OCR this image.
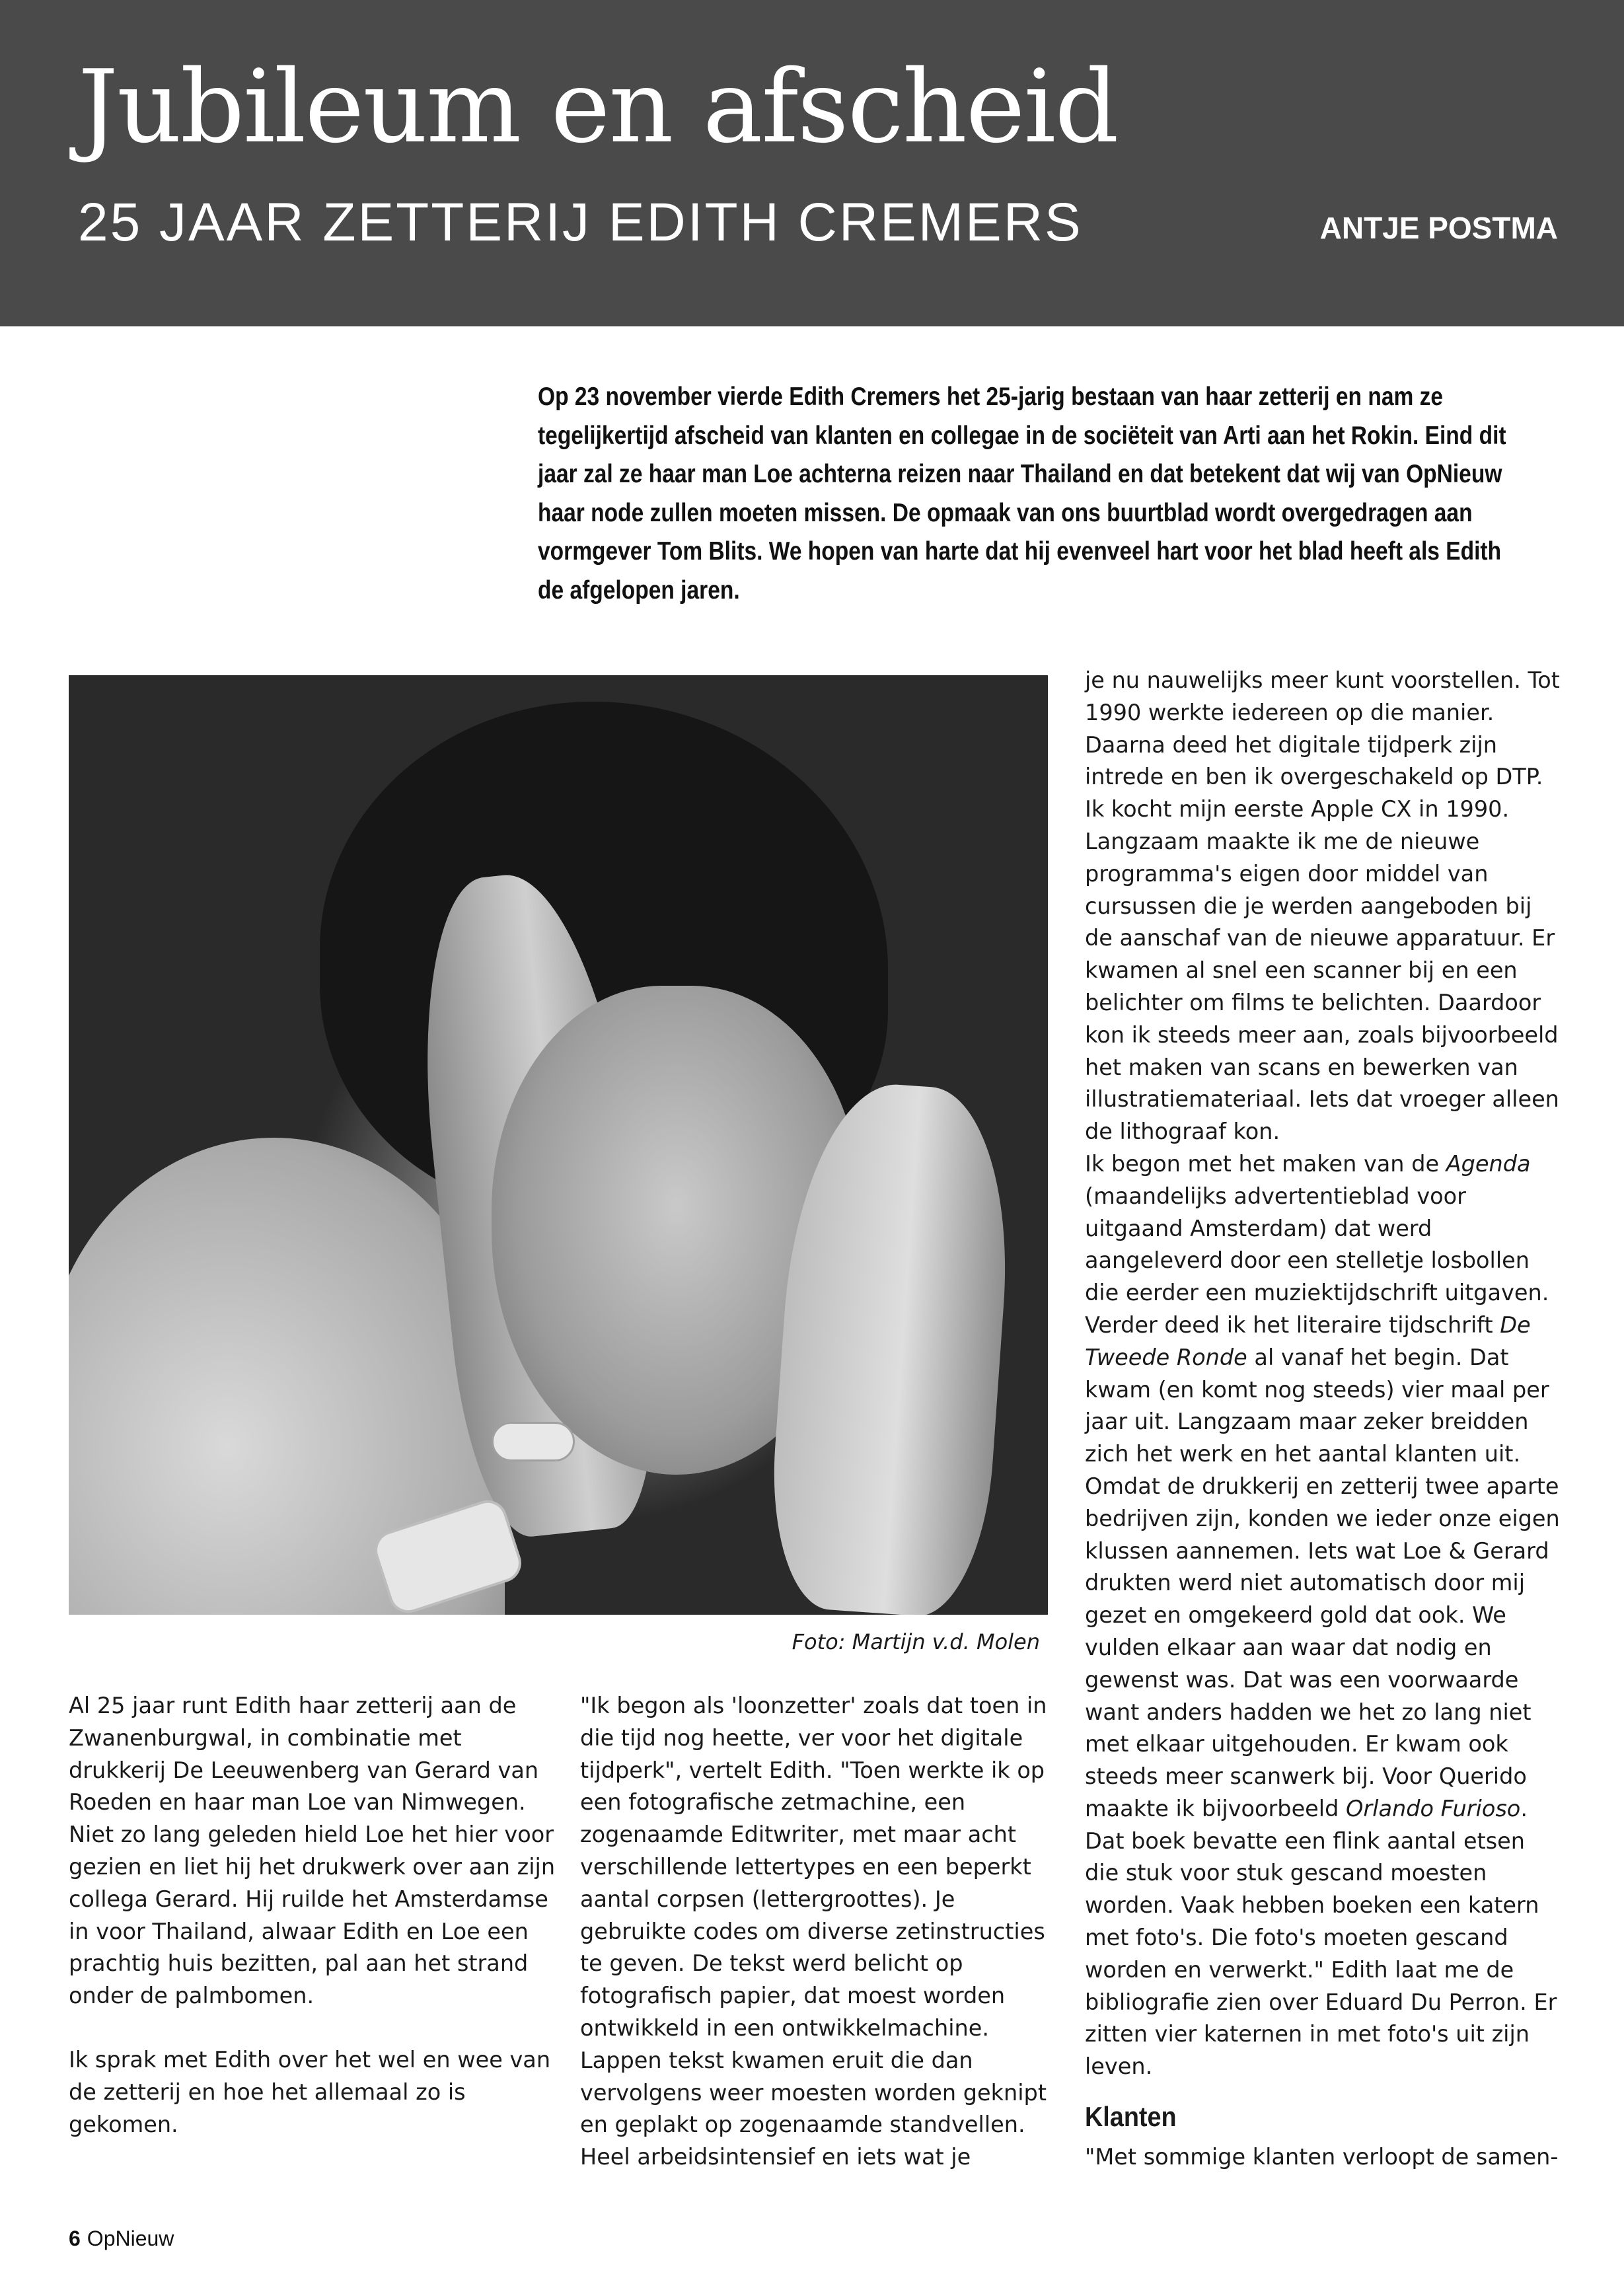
Jubileum en afscheid
25 JAAR ZETTERIJ EDITH CREMERS	ANTJE POSTMA
Op 23 november vierde Edith Cremers het 25-jarig bestaan van haar zetterij en nam ze tegelijkertijd afscheid van klanten en collegae in de sociëteit van Arti aan het Rokin. Eind dit jaar zal ze haar man Loe achterna reizen naar Thailand en dat betekent dat wij van OpNieuw haar node zullen moeten missen. De opmaak van ons buurtblad wordt overgedragen aan vormgever Tom Blits. We hopen van harte dat hij evenveel hart voor het blad heeft als Edith de afgelopen jaren.
Foto: Martijn v.d. Molen

Al 25 jaar runt Edith haar zetterij aan de Zwanenburgwal, in combinatie met drukkerij De Leeuwenberg van Gerard van Roeden en haar man Loe van Nimwegen. Niet zo lang geleden hield Loe het hier voor gezien en liet hij het drukwerk over aan zijn collega Gerard. Hij ruilde het Amsterdamse in voor Thailand, alwaar Edith en Loe een prachtig huis bezitten, pal aan het strand onder de palmbomen.

Ik sprak met Edith over het wel en wee van de zetterij en hoe het allemaal zo is gekomen.

"Ik begon als 'loonzetter' zoals dat toen in die tijd nog heette, ver voor het digitale tijdperk", vertelt Edith. "Toen werkte ik op een fotografische zetmachine, een zogenaamde Editwriter, met maar acht verschillende lettertypes en een beperkt aantal corpsen (lettergroottes). Je gebruikte codes om diverse zetinstructies te geven. De tekst werd belicht op fotografisch papier, dat moest worden ontwikkeld in een ontwikkelmachine. Lappen tekst kwamen eruit die dan vervolgens weer moesten worden geknipt en geplakt op zogenaamde standvellen. Heel arbeidsintensief en iets wat je

je nu nauwelijks meer kunt voorstellen. Tot 1990 werkte iedereen op die manier. Daarna deed het digitale tijdperk zijn intrede en ben ik overgeschakeld op DTP. Ik kocht mijn eerste Apple CX in 1990. Langzaam maakte ik me de nieuwe programma's eigen door middel van cursussen die je werden aangeboden bij de aanschaf van de nieuwe apparatuur. Er kwamen al snel een scanner bij en een belichter om films te belichten. Daardoor kon ik steeds meer aan, zoals bijvoorbeeld het maken van scans en bewerken van illustratiemateriaal. Iets dat vroeger alleen de lithograaf kon.

Ik begon met het maken van de Agenda (maandelijks advertentieblad voor uitgaand Amsterdam) dat werd aangeleverd door een stelletje losbollen die eerder een muziektijdschrift uitgaven. Verder deed ik het literaire tijdschrift De Tweede Ronde al vanaf het begin. Dat kwam (en komt nog steeds) vier maal per jaar uit. Langzaam maar zeker breidden zich het werk en het aantal klanten uit. Omdat de drukkerij en zetterij twee aparte bedrijven zijn, konden we ieder onze eigen klussen aannemen. Iets wat Loe & Gerard drukten werd niet automatisch door mij gezet en omgekeerd gold dat ook. We vulden elkaar aan waar dat nodig en gewenst was. Dat was een voorwaarde want anders hadden we het zo lang niet met elkaar uitgehouden. Er kwam ook steeds meer scanwerk bij. Voor Querido maakte ik bijvoorbeeld Orlando Furioso. Dat boek bevatte een flink aantal etsen die stuk voor stuk gescand moesten worden. Vaak hebben boeken een katern met foto's. Die foto's moeten gescand worden en verwerkt." Edith laat me de bibliografie zien over Eduard Du Perron. Er zitten vier katernen in met foto's uit zijn leven.

Klanten

"Met sommige klanten verloopt de samen-

6 OpNieuw
